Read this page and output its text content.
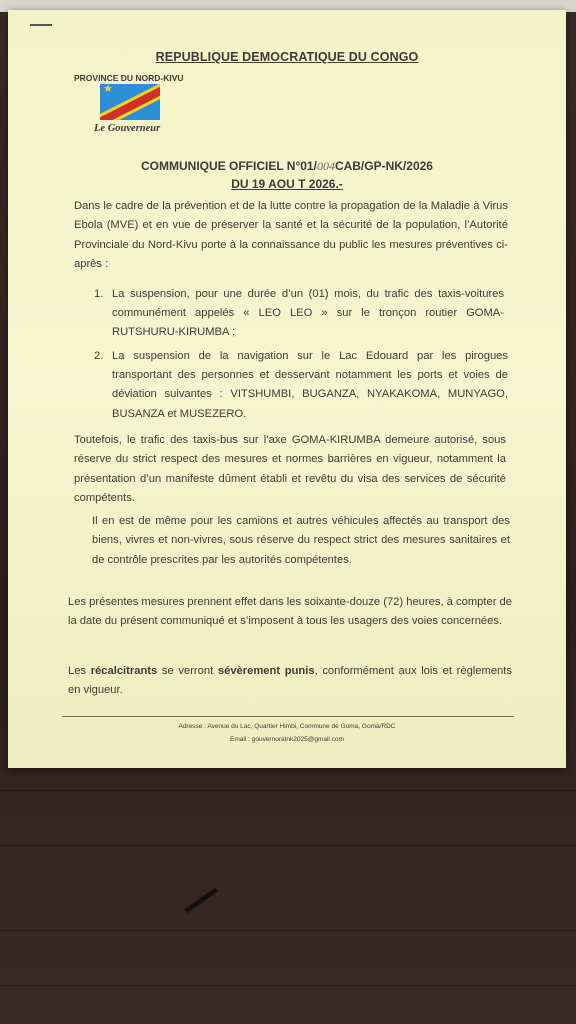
REPUBLIQUE DEMOCRATIQUE DU CONGO
PROVINCE DU NORD-KIVU
★
Le Gouverneur
COMMUNIQUE OFFICIEL N°01/004CAB/GP-NK/2026
DU 19 AOU T 2026.-
Dans le cadre de la prévention et de la lutte contre la propagation de la Maladie à Virus Ebola (MVE) et en vue de préserver la santé et la sécurité de la population, l’Autorité Provinciale du Nord-Kivu porte à la connaissance du public les mesures préventives ci-après :
1. La suspension, pour une durée d’un (01) mois, du trafic des taxis-voitures communément appelés « LEO LEO » sur le tronçon routier GOMA-RUTSHURU-KIRUMBA ;
2. La suspension de la navigation sur le Lac Edouard par les pirogues transportant des personnes et desservant notamment les ports et voies de déviation suivantes : VITSHUMBI, BUGANZA, NYAKAKOMA, MUNYAGO, BUSANZA et MUSEZERO.
Toutefois, le trafic des taxis-bus sur l’axe GOMA-KIRUMBA demeure autorisé, sous réserve du strict respect des mesures et normes barrières en vigueur, notamment la présentation d’un manifeste dûment établi et revêtu du visa des services de sécurité compétents.
Il en est de même pour les camions et autres véhicules affectés au transport des biens, vivres et non-vivres, sous réserve du respect strict des mesures sanitaires et de contrôle prescrites par les autorités compétentes.
Les présentes mesures prennent effet dans les soixante-douze (72) heures, à compter de la date du présent communiqué et s’imposent à tous les usagers des voies concernées.
Les récalcitrants se verront sévèrement punis, conformément aux lois et règlements en vigueur.
Adresse : Avenue du Lac, Quartier Himbi, Commune de Goma, Goma/RDC
Email : gouvernoratnk2025@gmail.com
